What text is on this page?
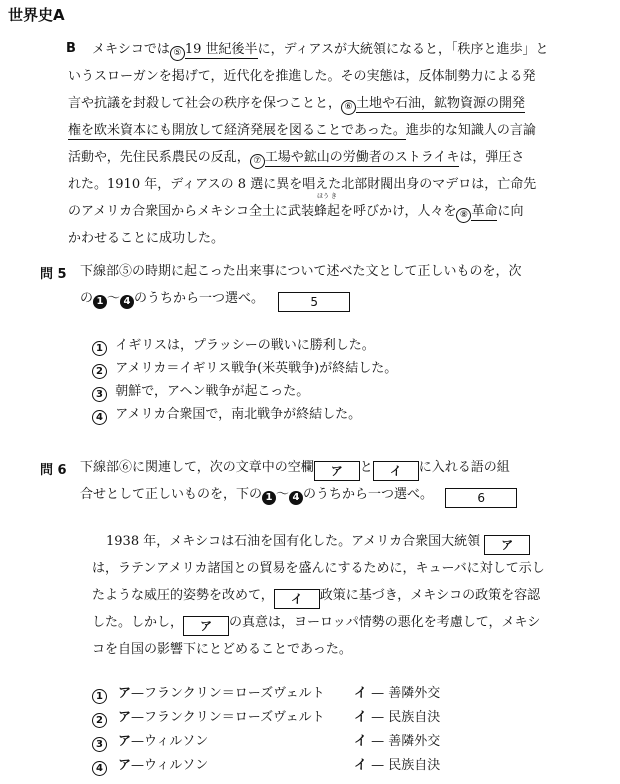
世界史A
B メキシコでは ⑤ 19 世紀後半に，ディアスが大統領になると，「秩序と進歩」と
いうスローガンを掲げて，近代化を推進した。その実態は，反体制勢力による発
言や抗議を封殺して社会の秩序を保つことと， ⑥ 土地や石油，鉱物資源の開発
権を欧米資本にも開放して経済発展を図ることであった。進歩的な知識人の言論
活動や，先住民系農民の反乱， ⑦ 工場や鉱山の労働者のストライキは，弾圧さ
れた。1910 年，ディアスの 8 選に異を唱えた北部財閥出身のマデロは，亡命先
のアメリカ合衆国からメキシコ全土に武装
ほう き
蜂起を呼びかけ，人々を ⑧ 革命に向
かわせることに成功した。
問 5 下線部⑤の時期に起こった出来事について述べた文として正しいものを，次
の 1 〜 4 のうちから一つ選べ。	5
1 イギリスは，プラッシーの戦いに勝利した。
2 アメリカ＝イギリス戦争(米英戦争)が終結した。
3 朝鮮で，アヘン戦争が起こった。
4 アメリカ合衆国で，南北戦争が終結した。
問 6 下線部⑥に関連して，次の文章中の空欄 ア と イ に入れる語の組
合せとして正しいものを，下の 1 〜 4 のうちから一つ選べ。	6
1938 年，メキシコは石油を国有化した。アメリカ合衆国大統領 ア
は，ラテンアメリカ諸国との貿易を盛んにするために，キューバに対して示し
たような威圧的姿勢を改めて， イ 政策に基づき，メキシコの政策を容認
した。しかし， ア の真意は，ヨーロッパ情勢の悪化を考慮して，メキシ
コを自国の影響下にとどめることであった。
1 ア—フランクリン＝ローズヴェルト イ — 善隣外交
2 ア—フランクリン＝ローズヴェルト イ — 民族自決
3 ア—ウィルソン	イ — 善隣外交
4 ア—ウィルソン	イ — 民族自決
